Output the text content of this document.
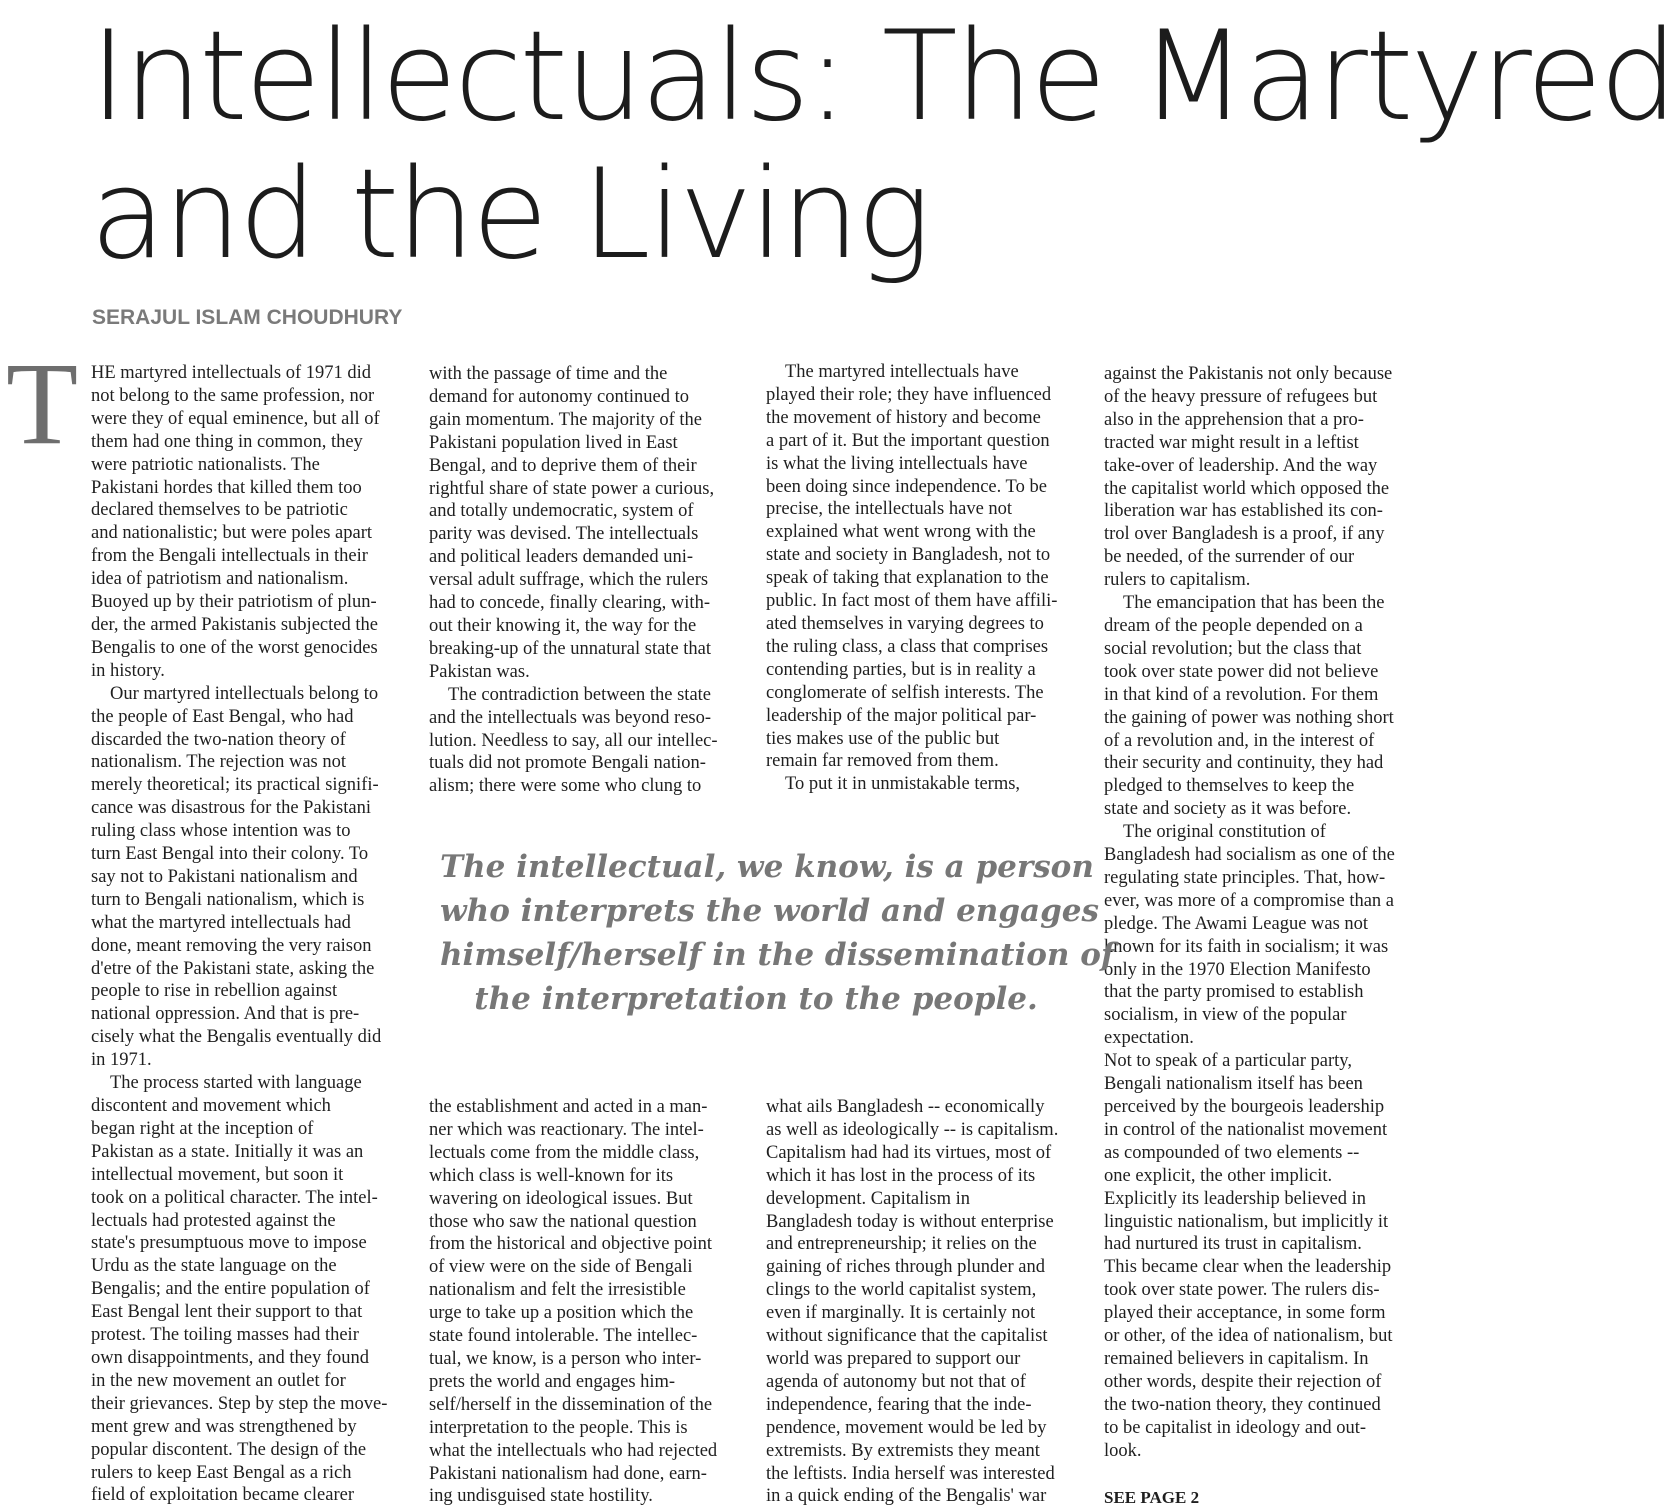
Intellectuals: The Martyred
and the Living
SERAJUL ISLAM CHOUDHURY
T HE martyred intellectuals of 1971 did
not belong to the same profession, nor
were they of equal eminence, but all of
them had one thing in common, they
were patriotic nationalists. The
Pakistani hordes that killed them too
declared themselves to be patriotic
and nationalistic; but were poles apart
from the Bengali intellectuals in their
idea of patriotism and nationalism.
Buoyed up by their patriotism of plun-
der, the armed Pakistanis subjected the
Bengalis to one of the worst genocides
in history.
Our martyred intellectuals belong to
the people of East Bengal, who had
discarded the two-nation theory of
nationalism. The rejection was not
merely theoretical; its practical signifi-
cance was disastrous for the Pakistani
ruling class whose intention was to
turn East Bengal into their colony. To
say not to Pakistani nationalism and
turn to Bengali nationalism, which is
what the martyred intellectuals had
done, meant removing the very raison
d'etre of the Pakistani state, asking the
people to rise in rebellion against
national oppression. And that is pre-
cisely what the Bengalis eventually did
in 1971.
The process started with language
discontent and movement which
began right at the inception of
Pakistan as a state. Initially it was an
intellectual movement, but soon it
took on a political character. The intel-
lectuals had protested against the
state's presumptuous move to impose
Urdu as the state language on the
Bengalis; and the entire population of
East Bengal lent their support to that
protest. The toiling masses had their
own disappointments, and they found
in the new movement an outlet for
their grievances. Step by step the move-
ment grew and was strengthened by
popular discontent. The design of the
rulers to keep East Bengal as a rich
field of exploitation became clearer
with the passage of time and the
demand for autonomy continued to
gain momentum. The majority of the
Pakistani population lived in East
Bengal, and to deprive them of their
rightful share of state power a curious,
and totally undemocratic, system of
parity was devised. The intellectuals
and political leaders demanded uni-
versal adult suffrage, which the rulers
had to concede, finally clearing, with-
out their knowing it, the way for the
breaking-up of the unnatural state that
Pakistan was.
The contradiction between the state
and the intellectuals was beyond reso-
lution. Needless to say, all our intellec-
tuals did not promote Bengali nation-
alism; there were some who clung to
The martyred intellectuals have
played their role; they have influenced
the movement of history and become
a part of it. But the important question
is what the living intellectuals have
been doing since independence. To be
precise, the intellectuals have not
explained what went wrong with the
state and society in Bangladesh, not to
speak of taking that explanation to the
public. In fact most of them have affili-
ated themselves in varying degrees to
the ruling class, a class that comprises
contending parties, but is in reality a
conglomerate of selfish interests. The
leadership of the major political par-
ties makes use of the public but
remain far removed from them.
To put it in unmistakable terms,
against the Pakistanis not only because
of the heavy pressure of refugees but
also in the apprehension that a pro-
tracted war might result in a leftist
take-over of leadership. And the way
the capitalist world which opposed the
liberation war has established its con-
trol over Bangladesh is a proof, if any
be needed, of the surrender of our
rulers to capitalism.
The emancipation that has been the
dream of the people depended on a
social revolution; but the class that
took over state power did not believe
in that kind of a revolution. For them
the gaining of power was nothing short
of a revolution and, in the interest of
their security and continuity, they had
pledged to themselves to keep the
state and society as it was before.
The original constitution of
Bangladesh had socialism as one of the
regulating state principles. That, how-
ever, was more of a compromise than a
pledge. The Awami League was not
known for its faith in socialism; it was
only in the 1970 Election Manifesto
that the party promised to establish
socialism, in view of the popular
expectation.
Not to speak of a particular party,
Bengali nationalism itself has been
perceived by the bourgeois leadership
in control of the nationalist movement
as compounded of two elements --
one explicit, the other implicit.
Explicitly its leadership believed in
linguistic nationalism, but implicitly it
had nurtured its trust in capitalism.
This became clear when the leadership
took over state power. The rulers dis-
played their acceptance, in some form
or other, of the idea of nationalism, but
remained believers in capitalism. In
other words, despite their rejection of
the two-nation theory, they continued
to be capitalist in ideology and out-
look.
the establishment and acted in a man-
ner which was reactionary. The intel-
lectuals come from the middle class,
which class is well-known for its
wavering on ideological issues. But
those who saw the national question
from the historical and objective point
of view were on the side of Bengali
nationalism and felt the irresistible
urge to take up a position which the
state found intolerable. The intellec-
tual, we know, is a person who inter-
prets the world and engages him-
self/herself in the dissemination of the
interpretation to the people. This is
what the intellectuals who had rejected
Pakistani nationalism had done, earn-
ing undisguised state hostility.
what ails Bangladesh -- economically
as well as ideologically -- is capitalism.
Capitalism had had its virtues, most of
which it has lost in the process of its
development. Capitalism in
Bangladesh today is without enterprise
and entrepreneurship; it relies on the
gaining of riches through plunder and
clings to the world capitalist system,
even if marginally. It is certainly not
without significance that the capitalist
world was prepared to support our
agenda of autonomy but not that of
independence, fearing that the inde-
pendence, movement would be led by
extremists. By extremists they meant
the leftists. India herself was interested
in a quick ending of the Bengalis' war
The intellectual, we know, is a person
who interprets the world and engages
himself/herself in the dissemination of
the interpretation to the people.
SEE PAGE 2
